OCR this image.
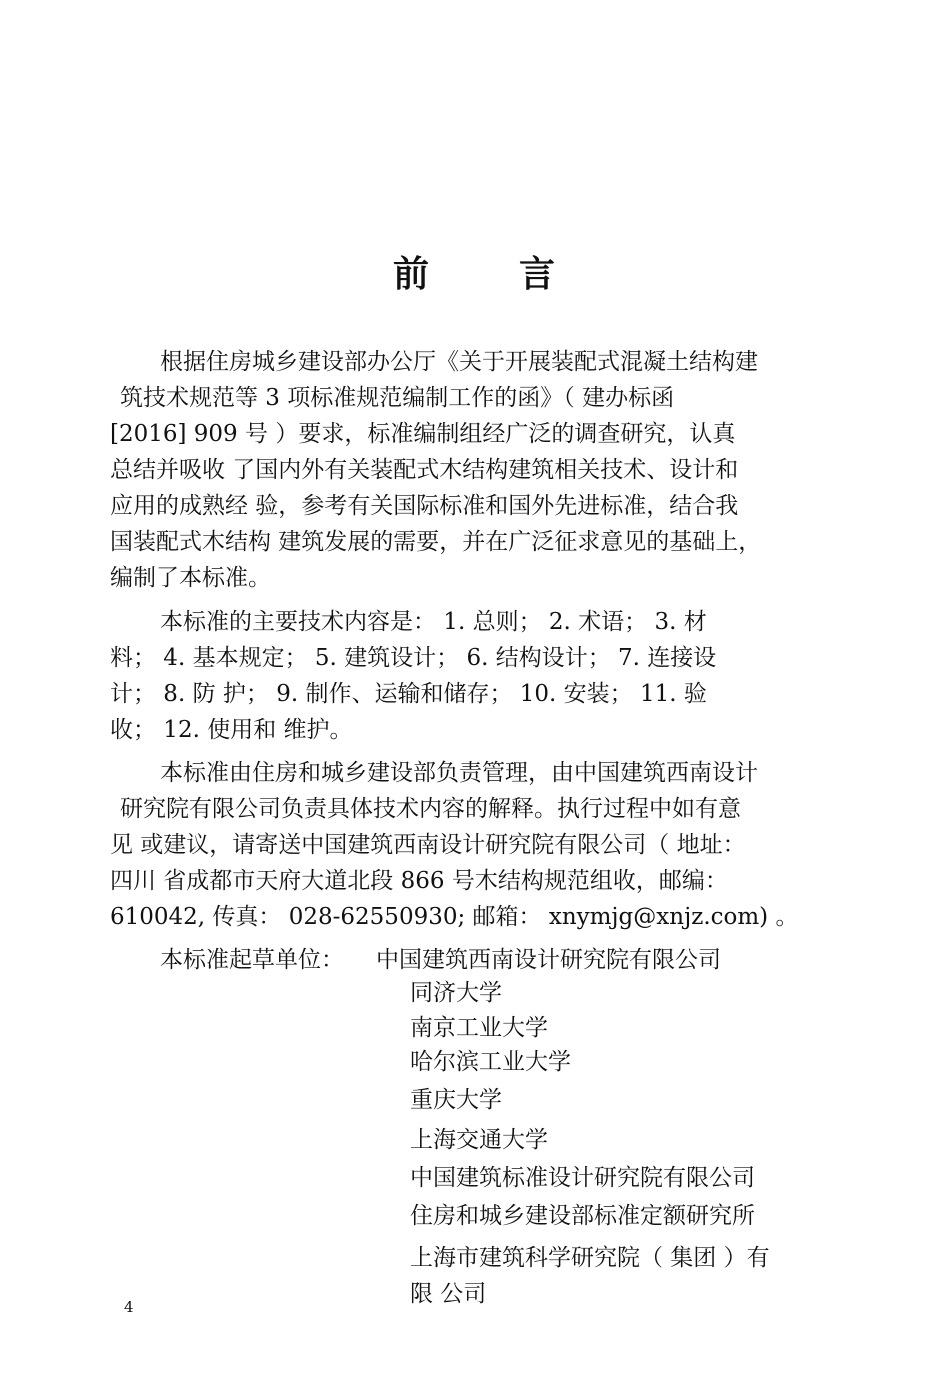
前 言
根据住房城乡建设部办公厅《关于开展装配式混凝土结构建
筑技术规范等 3 项标准规范编制工作的函》（ 建办标函
[2016] 909 号 ）要求，标准编制组经广泛的调查研究，认真
总结并吸收 了国内外有关装配式木结构建筑相关技术、设计和
应用的成熟经 验，参考有关国际标准和国外先进标准，结合我
国装配式木结构 建筑发展的需要，并在广泛征求意见的基础上，
编制了本标准。
本标准的主要技术内容是： 1. 总则； 2. 术语； 3. 材
料； 4. 基本规定； 5. 建筑设计； 6. 结构设计； 7. 连接设
计； 8. 防 护； 9. 制作、运输和储存； 10. 安装； 11. 验
收； 12. 使用和 维护。
本标准由住房和城乡建设部负责管理，由中国建筑西南设计
研究院有限公司负责具体技术内容的解释。执行过程中如有意
见 或建议，请寄送中国建筑西南设计研究院有限公司（ 地址：
四川 省成都市天府大道北段 866 号木结构规范组收，邮编：
610042, 传真： 028-62550930; 邮箱： xnymjg@xnjz.com) 。
本标准起草单位： 中国建筑西南设计研究院有限公司
同济大学
南京工业大学
哈尔滨工业大学
重庆大学
上海交通大学
中国建筑标准设计研究院有限公司
住房和城乡建设部标准定额研究所
上海市建筑科学研究院（ 集团 ）有
限 公司
4
